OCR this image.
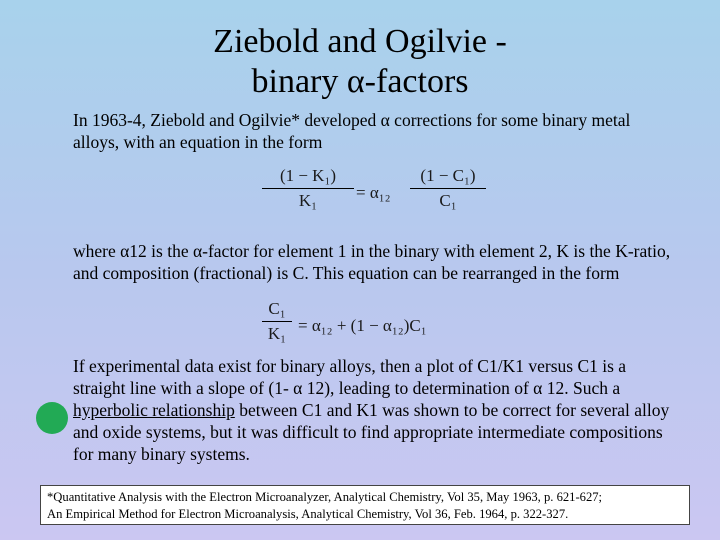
Ziebold and Ogilvie -
binary α-factors
In 1963-4, Ziebold and Ogilvie* developed α corrections for some binary metal alloys, with an equation in the form
(1 − K₁)
K₁	= α₁₂
(1 − C₁)
C₁
where α12 is the α-factor for element 1 in the binary with element 2, K is the K-ratio, and composition (fractional) is C. This equation can be rearranged in the form
C₁
K₁ = α₁₂ + (1 − α₁₂)C₁
If experimental data exist for binary alloys, then a plot of C1/K1 versus C1 is a straight line with a slope of (1- α 12), leading to determination of α 12. Such a hyperbolic relationship between C1 and K1 was shown to be correct for several alloy and oxide systems, but it was difficult to find appropriate intermediate compositions for many binary systems.
*Quantitative Analysis with the Electron Microanalyzer, Analytical Chemistry, Vol 35, May 1963, p. 621-627;
An Empirical Method for Electron Microanalysis, Analytical Chemistry, Vol 36, Feb. 1964, p. 322-327.
